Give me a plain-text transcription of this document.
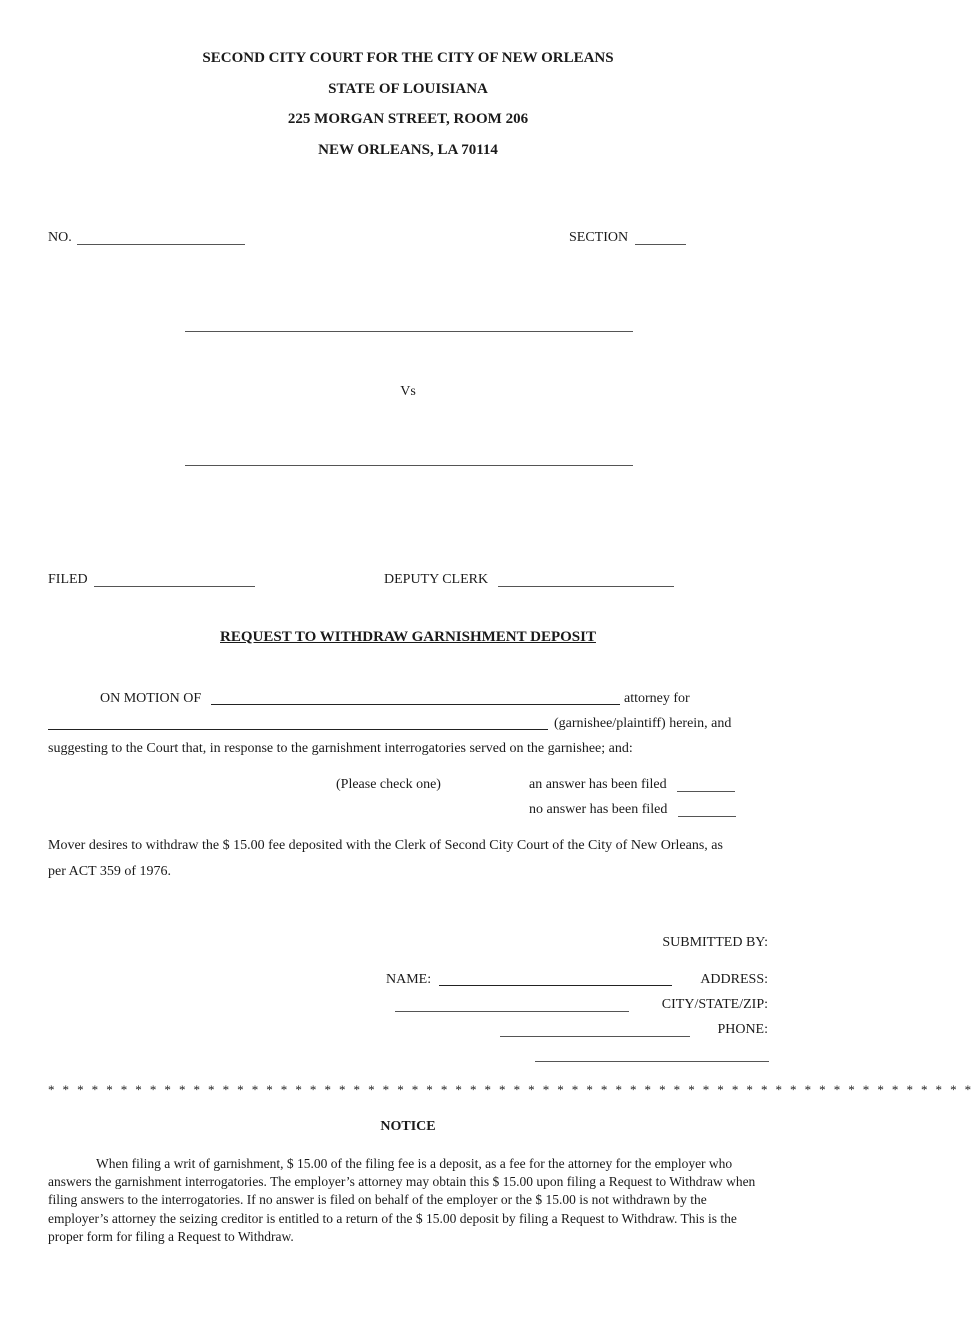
SECOND CITY COURT FOR THE CITY OF NEW ORLEANS
STATE OF LOUISIANA
225 MORGAN STREET, ROOM 206
NEW ORLEANS, LA 70114
NO.	SECTION
Vs
FILED	DEPUTY CLERK
REQUEST TO WITHDRAW GARNISHMENT DEPOSIT
ON MOTION OF	attorney for
(garnishee/plaintiff) herein, and
suggesting to the Court that, in response to the garnishment interrogatories served on the garnishee; and:
(Please check one)	an answer has been filed
no answer has been filed
Mover desires to withdraw the $ 15.00 fee deposited with the Clerk of Second City Court of the City of New Orleans, as
per ACT 359 of 1976.
SUBMITTED BY:
NAME:	ADDRESS:
CITY/STATE/ZIP:
PHONE:
* * * * * * * * * * * * * * * * * * * * * * * * * * * * * * * * * * * * * * * * * * * * * * * * * * * * * * * * * * * * * * * *
NOTICE
When filing a writ of garnishment, $ 15.00 of the filing fee is a deposit, as a fee for the attorney for the employer who answers the garnishment interrogatories. The employer’s attorney may obtain this $ 15.00 upon filing a Request to Withdraw when filing answers to the interrogatories. If no answer is filed on behalf of the employer or the $ 15.00 is not withdrawn by the employer’s attorney the seizing creditor is entitled to a return of the $ 15.00 deposit by filing a Request to Withdraw. This is the proper form for filing a Request to Withdraw.
